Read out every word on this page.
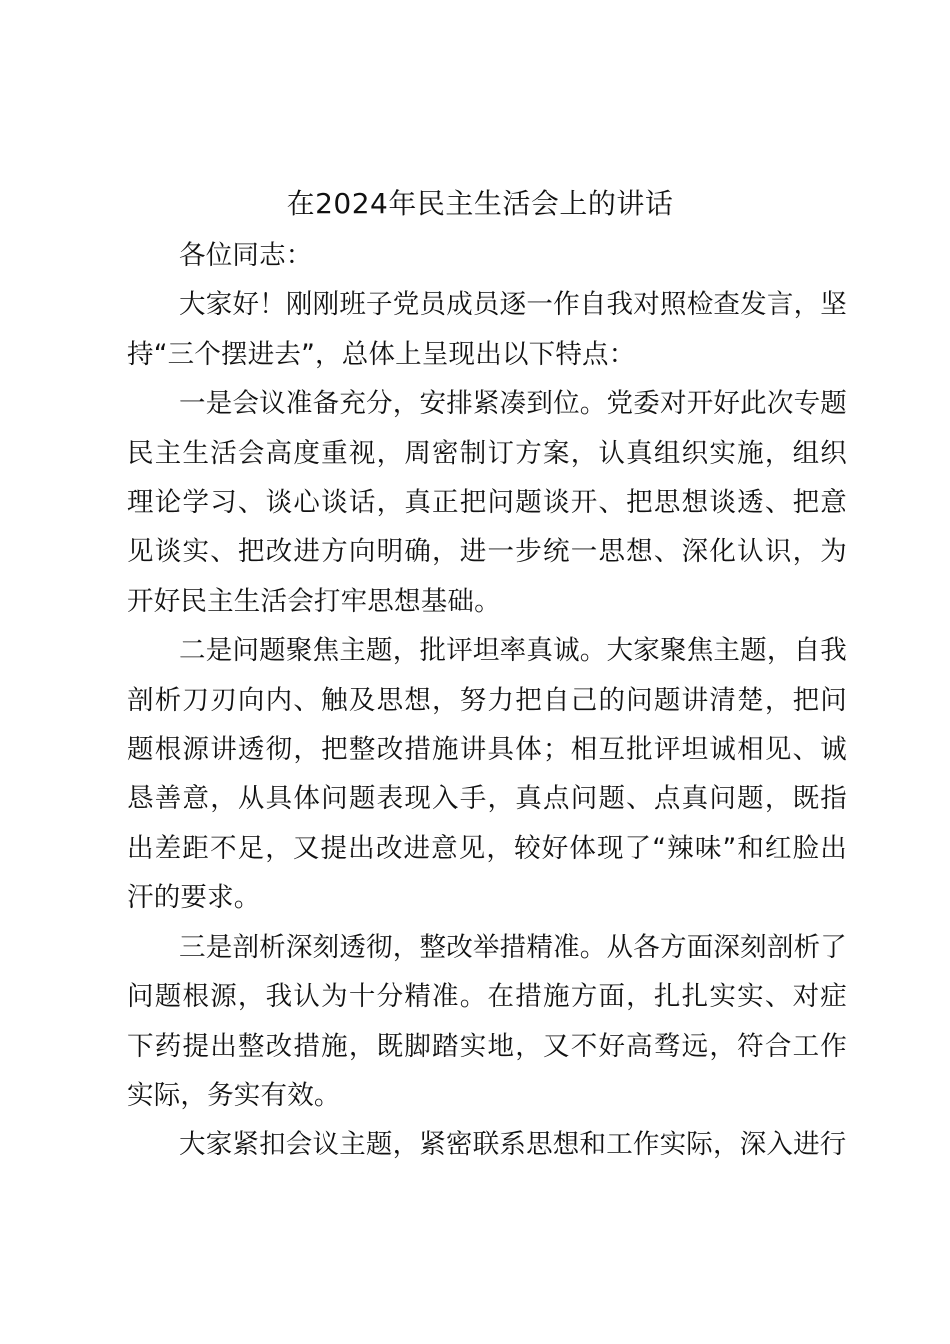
在2024年民主生活会上的讲话

各位同志：

大家好！刚刚班子党员成员逐一作自我对照检查发言，坚持“三个摆进去”，总体上呈现出以下特点：

一是会议准备充分，安排紧凑到位。党委对开好此次专题民主生活会高度重视，周密制订方案，认真组织实施，组织理论学习、谈心谈话，真正把问题谈开、把思想谈透、把意见谈实、把改进方向明确，进一步统一思想、深化认识，为开好民主生活会打牢思想基础。

二是问题聚焦主题，批评坦率真诚。大家聚焦主题，自我剖析刀刃向内、触及思想，努力把自己的问题讲清楚，把问题根源讲透彻，把整改措施讲具体；相互批评坦诚相见、诚恳善意，从具体问题表现入手，真点问题、点真问题，既指出差距不足，又提出改进意见，较好体现了“辣味”和红脸出汗的要求。

三是剖析深刻透彻，整改举措精准。从各方面深刻剖析了问题根源，我认为十分精准。在措施方面，扎扎实实、对症下药提出整改措施，既脚踏实地，又不好高骛远，符合工作实际，务实有效。

大家紧扣会议主题，紧密联系思想和工作实际，深入进行
